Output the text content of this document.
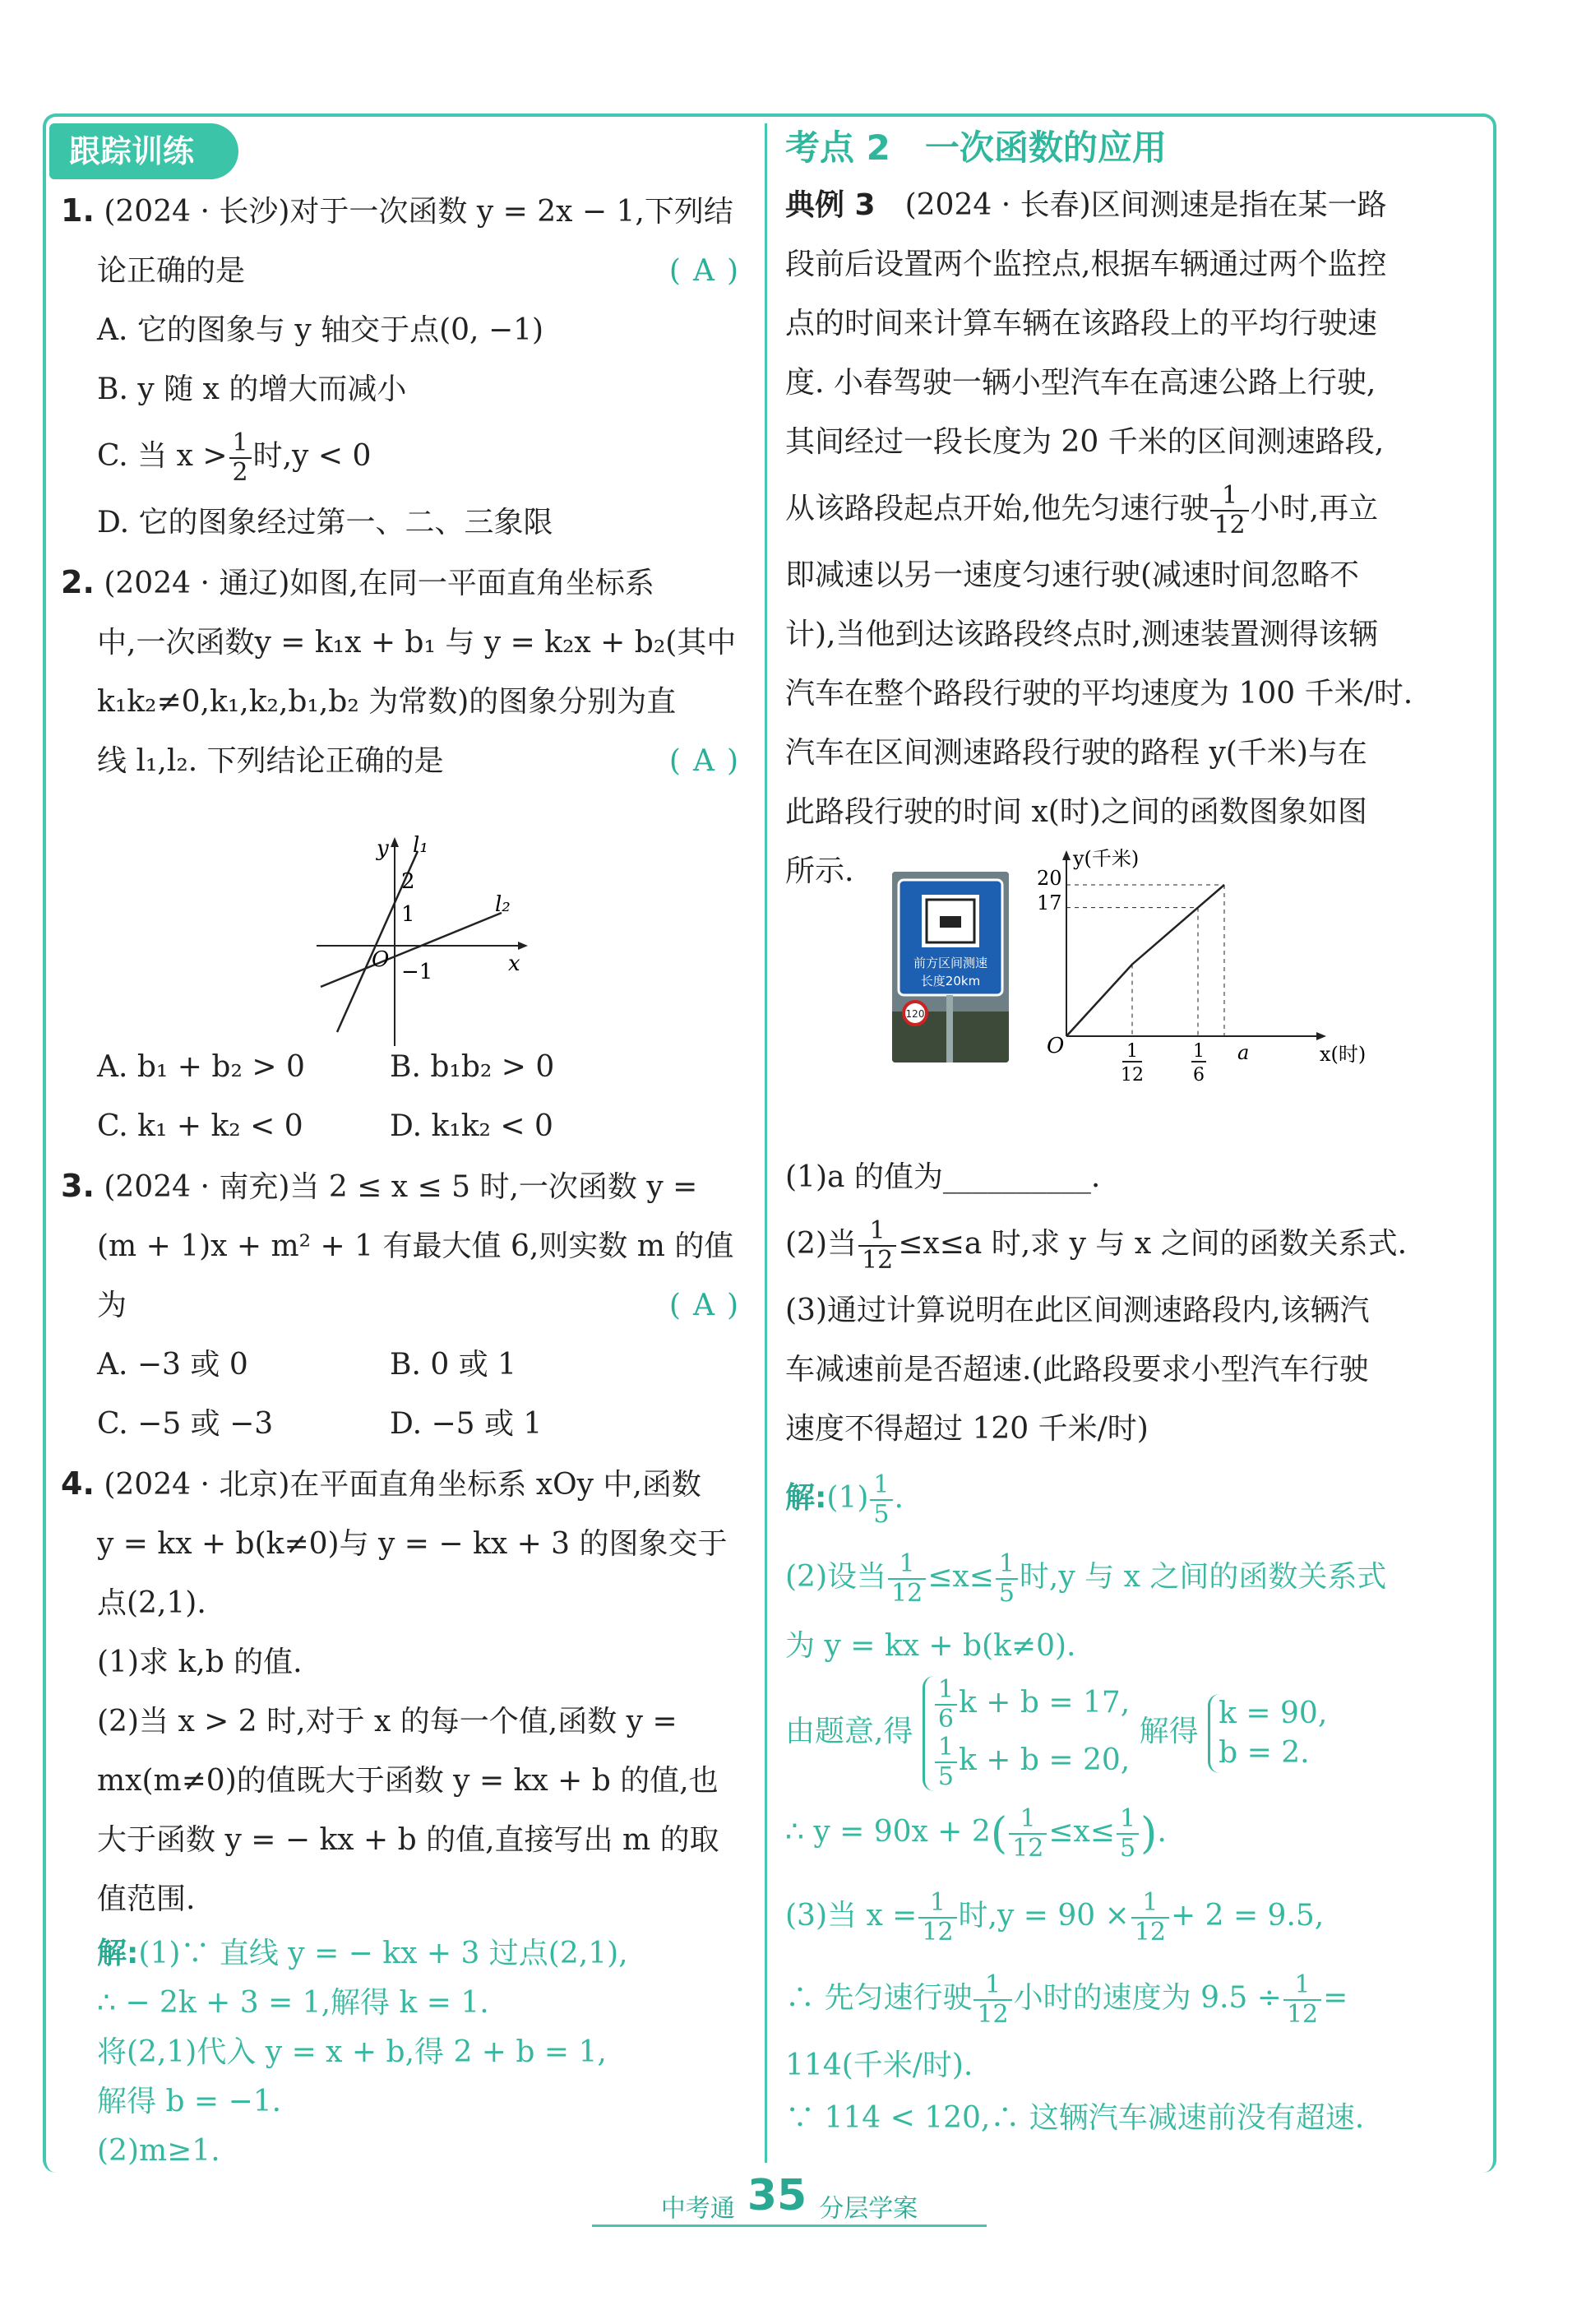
跟踪训练
1. (2024 · 长沙)对于一次函数 y = 2x − 1,下列结
论正确的是	( A )
A. 它的图象与 y 轴交于点(0, −1)
B. y 随 x 的增大而减小
C. 当 $x > \frac{1}{2}$ 时,y < 0
D. 它的图象经过第一、二、三象限
2. (2024 · 通辽)如图,在同一平面直角坐标系
中,一次函数y = k₁x + b₁ 与 y = k₂x + b₂(其中
k₁k₂≠0,k₁,k₂,b₁,b₂ 为常数)的图象分别为直
线 l₁,l₂. 下列结论正确的是	( A )
A. b₁ + b₂ > 0	B. b₁b₂ > 0
C. k₁ + k₂ < 0	D. k₁k₂ < 0
3. (2024 · 南充)当 2 ≤ x ≤ 5 时,一次函数 y =
(m + 1)x + m² + 1 有最大值 6,则实数 m 的值
为	( A )
A. −3 或 0	B. 0 或 1
C. −5 或 −3	D. −5 或 1
4. (2024 · 北京)在平面直角坐标系 xOy 中,函数
y = kx + b(k≠0)与 y = − kx + 3 的图象交于
点(2,1).
(1)求 k,b 的值.
(2)当 x > 2 时,对于 x 的每一个值,函数 y =
mx(m≠0)的值既大于函数 y = kx + b 的值,也
大于函数 y = − kx + b 的值,直接写出 m 的取
值范围.
解:(1)∵ 直线 y = − kx + 3 过点(2,1),
∴ − 2k + 3 = 1,解得 k = 1.
将(2,1)代入 y = x + b,得 2 + b = 1,
解得 b = −1.
(2)m≥1.
y l₁
l₂
x
O
2
1
−1
考点 2　一次函数的应用
典例 3　 (2024 · 长春)区间测速是指在某一路
段前后设置两个监控点,根据车辆通过两个监控
点的时间来计算车辆在该路段上的平均行驶速
度. 小春驾驶一辆小型汽车在高速公路上行驶,
其间经过一段长度为 20 千米的区间测速路段,
从该路段起点开始,他先匀速行驶 $\frac{1}{12}$ 小时,再立
即减速以另一速度匀速行驶(减速时间忽略不
计),当他到达该路段终点时,测速装置测得该辆
汽车在整个路段行驶的平均速度为 100 千米/时.
汽车在区间测速路段行驶的路程 y(千米)与在
此路段行驶的时间 x(时)之间的函数图象如图
所示.
(1)a 的值为__________.
(2)当 $\frac{1}{12} \le x\le a$ 时,求 y 与 x 之间的函数关系式.
(3)通过计算说明在此区间测速路段内,该辆汽
车减速前是否超速.(此路段要求小型汽车行驶
速度不得超过 120 千米/时)
解:(1) $\frac{1}{5}$ .
(2)设当 $\frac{1}{12} \le x\le \frac{1}{5}$ 时,y 与 x 之间的函数关系式
为 y = kx + b(k≠0).
由题意,得 $\frac{1}{6}$ k + b = 17,
$\frac{1}{5}$ k + b = 20,
解得
k = 90,
b = 2.
∴ $y = 90x + 2( \frac{1}{12} \le x\le \frac{1}{5}$ ).
(3)当 $x = \frac{1}{12}$ 时$,y = 90 \times \frac{1}{12} + 2 = 9.5$,
∴ 先匀速行驶 $\frac{1}{12}$ 小时的速度为 $9.5 \div \frac{1}{12}$ =
114(千米/时).
∵ 114 < 120,∴ 这辆汽车减速前没有超速.
前方区间测速
长度20km
120
y(千米)
20
17
O	1
12
1
6
a	x(时)
中考通 35 分层学案
